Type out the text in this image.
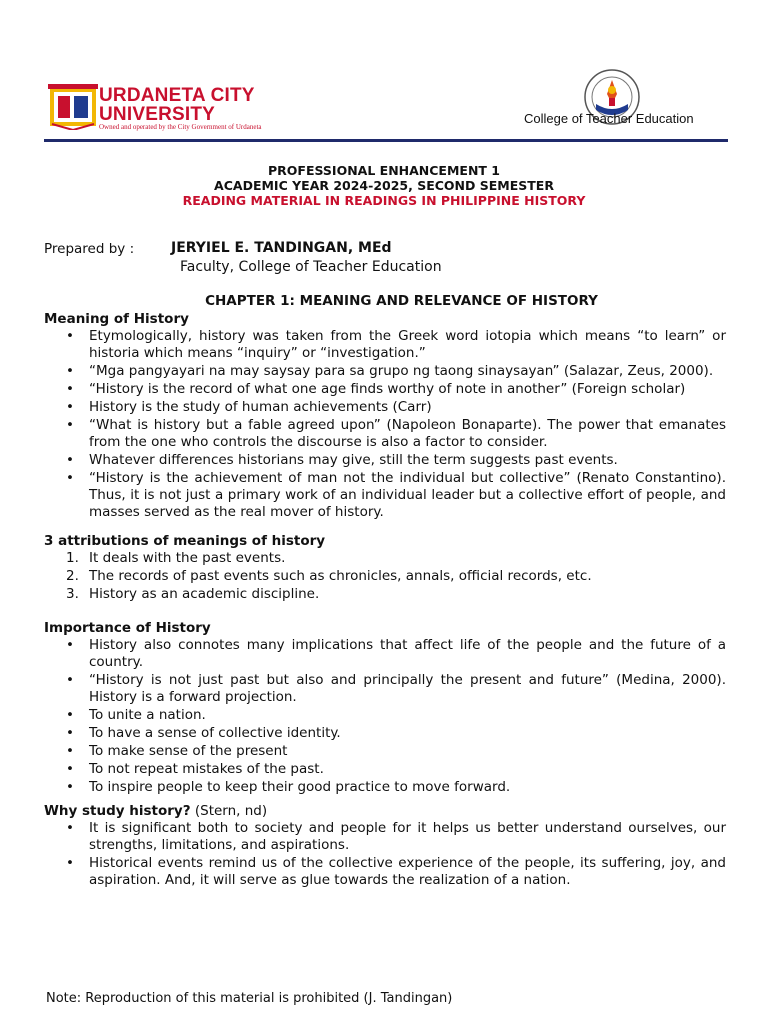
URDANETA CITY
UNIVERSITY
Owned and operated by the City Government of Urdaneta
College of Teacher Education
PROFESSIONAL ENHANCEMENT 1
ACADEMIC YEAR 2024-2025, SECOND SEMESTER
READING MATERIAL IN READINGS IN PHILIPPINE HISTORY
Prepared by :	JERYIEL E. TANDINGAN, MEd
Faculty, College of Teacher Education
CHAPTER 1: MEANING AND RELEVANCE OF HISTORY

Meaning of History

• Etymologically, history was taken from the Greek word iotopia which means “to learn” or historia which means “inquiry” or “investigation.”
• “Mga pangyayari na may saysay para sa grupo ng taong sinaysayan” (Salazar, Zeus, 2000).
• “History is the record of what one age finds worthy of note in another” (Foreign scholar)
• History is the study of human achievements (Carr)
• “What is history but a fable agreed upon” (Napoleon Bonaparte). The power that emanates from the one who controls the discourse is also a factor to consider.
• Whatever differences historians may give, still the term suggests past events.
• “History is the achievement of man not the individual but collective” (Renato Constantino). Thus, it is not just a primary work of an individual leader but a collective effort of people, and masses served as the real mover of history.

3 attributions of meanings of history

1. It deals with the past events.
2. The records of past events such as chronicles, annals, official records, etc.
3. History as an academic discipline.

Importance of History

• History also connotes many implications that affect life of the people and the future of a country.
• “History is not just past but also and principally the present and future” (Medina, 2000). History is a forward projection.
• To unite a nation.
• To have a sense of collective identity.
• To make sense of the present
• To not repeat mistakes of the past.
• To inspire people to keep their good practice to move forward.

Why study history? (Stern, nd)

• It is significant both to society and people for it helps us better understand ourselves, our strengths, limitations, and aspirations.
• Historical events remind us of the collective experience of the people, its suffering, joy, and aspiration. And, it will serve as glue towards the realization of a nation.
Note: Reproduction of this material is prohibited (J. Tandingan)
